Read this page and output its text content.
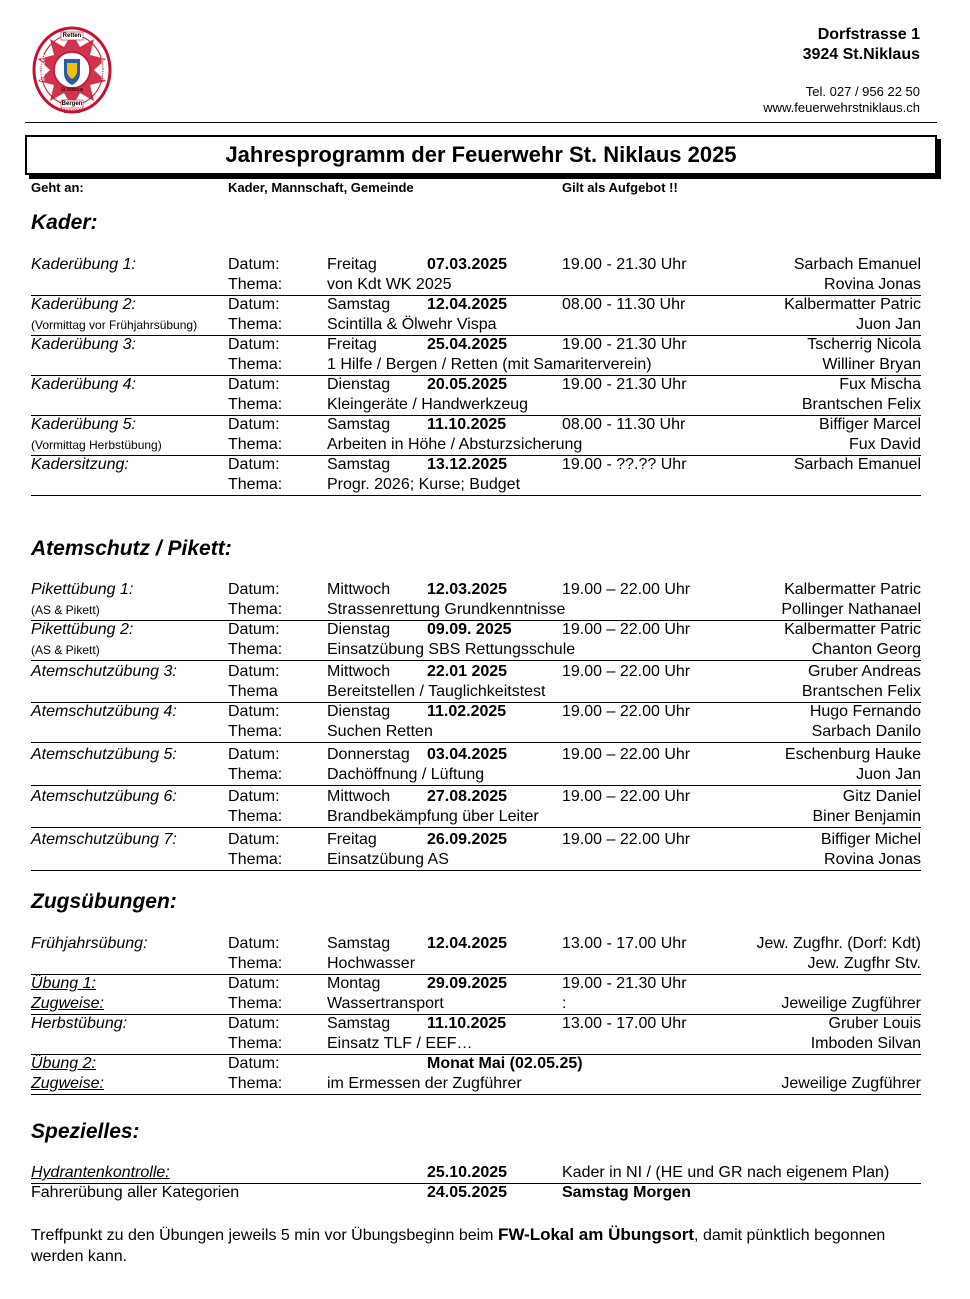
Retten
Bergen
Schützen	Löschen
St.Niklaus
118/112
Dorfstrasse 1
3924 St.Niklaus
Tel. 027 / 956 22 50
www.feuerwehrstniklaus.ch
Jahresprogramm der Feuerwehr St. Niklaus 2025
Geht an:	Kader, Mannschaft, Gemeinde	Gilt als Aufgebot !!
Kader:
Atemschutz / Pikett:
Zugsübungen:
Spezielles:
Kaderübung 1:	Datum:	Freitag	07.03.2025	19.00 - 21.30 Uhr	Sarbach Emanuel
Thema:	von Kdt WK 2025	Rovina Jonas
Kaderübung 2:	Datum:	Samstag 12.04.2025	08.00 - 11.30 Uhr	Kalbermatter Patric
(Vormittag vor Frühjahrsübung) Thema:	Scintilla & Ölwehr Vispa	Juon Jan
Kaderübung 3:	Datum:	Freitag	25.04.2025	19.00 - 21.30 Uhr	Tscherrig Nicola
Thema:	1 Hilfe / Bergen / Retten (mit Samariterverein)	Williner Bryan
Kaderübung 4:	Datum:	Dienstag 20.05.2025	19.00 - 21.30 Uhr	Fux Mischa
Thema:	Kleingeräte / Handwerkzeug	Brantschen Felix
Kaderübung 5:	Datum:	Samstag 11.10.2025	08.00 - 11.30 Uhr	Biffiger Marcel
(Vormittag Herbstübung)	Thema:	Arbeiten in Höhe / Absturzsicherung	Fux David
Kadersitzung:	Datum:	Samstag 13.12.2025	19.00 - ??.?? Uhr	Sarbach Emanuel
Thema:	Progr. 2026; Kurse; Budget
Pikettübung 1:	Datum:	Mittwoch 12.03.2025	19.00 – 22.00 Uhr	Kalbermatter Patric
(AS & Pikett)	Thema:	Strassenrettung Grundkenntnisse	Pollinger Nathanael
Pikettübung 2:	Datum:	Dienstag 09.09. 2025	19.00 – 22.00 Uhr	Kalbermatter Patric
(AS & Pikett)	Thema:	Einsatzübung SBS Rettungsschule	Chanton Georg
Atemschutzübung 3:	Datum:	Mittwoch 22.01 2025	19.00 – 22.00 Uhr	Gruber Andreas
Thema	Bereitstellen / Tauglichkeitstest	Brantschen Felix
Atemschutzübung 4:	Datum:	Dienstag 11.02.2025	19.00 – 22.00 Uhr	Hugo Fernando
Thema:	Suchen Retten	Sarbach Danilo
Atemschutzübung 5:	Datum:	Donnerstag 03.04.2025	19.00 – 22.00 Uhr	Eschenburg Hauke
Thema:	Dachöffnung / Lüftung	Juon Jan
Atemschutzübung 6:	Datum:	Mittwoch 27.08.2025	19.00 – 22.00 Uhr	Gitz Daniel
Thema:	Brandbekämpfung über Leiter	Biner Benjamin
Atemschutzübung 7:	Datum:	Freitag	26.09.2025	19.00 – 22.00 Uhr	Biffiger Michel
Thema:	Einsatzübung AS	Rovina Jonas
Frühjahrsübung:	Datum:	Samstag 12.04.2025	13.00 - 17.00 Uhr	Jew. Zugfhr. (Dorf: Kdt)
Thema:	Hochwasser	Jew. Zugfhr Stv.
Übung 1:	Datum:	Montag	29.09.2025	19.00 - 21.30 Uhr
Zugweise:	Thema:	Wassertransport	:	Jeweilige Zugführer
Herbstübung:	Datum:	Samstag 11.10.2025	13.00 - 17.00 Uhr	Gruber Louis
Thema:	Einsatz TLF / EEF…	Imboden Silvan
Übung 2:	Datum:	Monat Mai (02.05.25)
Zugweise:	Thema:	im Ermessen der Zugführer	Jeweilige Zugführer
Hydrantenkontrolle:	25.10.2025	Kader in NI / (HE und GR nach eigenem Plan)
Fahrerübung aller Kategorien	24.05.2025	Samstag Morgen
Treffpunkt zu den Übungen jeweils 5 min vor Übungsbeginn beim FW-Lokal am Übungsort, damit pünktlich begonnen werden kann.
